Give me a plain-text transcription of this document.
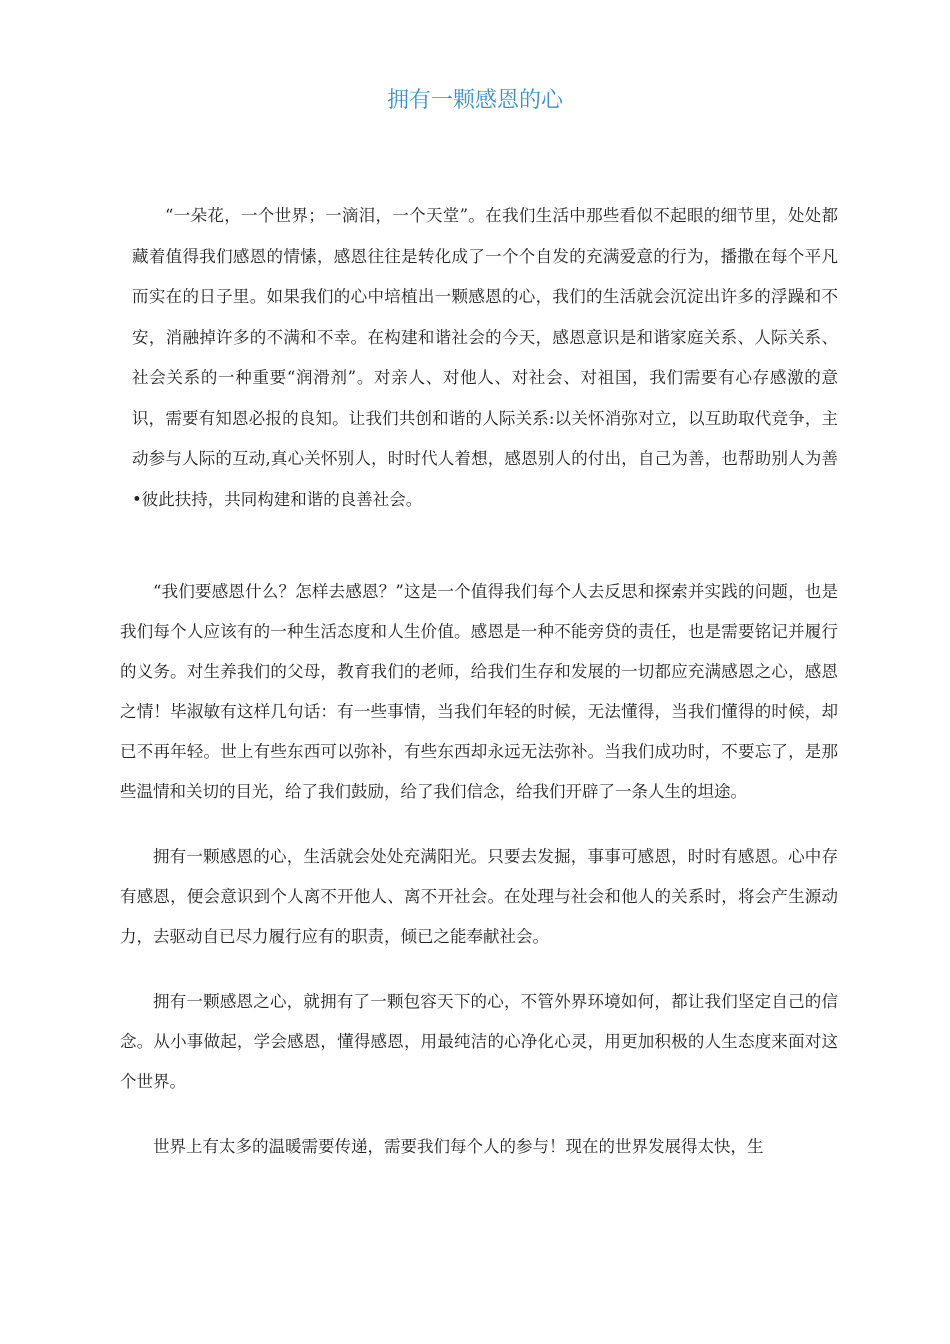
拥有一颗感恩的心

“一朵花，一个世界；一滴泪，一个天堂”。在我们生活中那些看似不起眼的细节里，处处都藏着值得我们感恩的情愫，感恩往往是转化成了一个个自发的充满爱意的行为，播撒在每个平凡而实在的日子里。如果我们的心中培植出一颗感恩的心，我们的生活就会沉淀出许多的浮躁和不安，消融掉许多的不满和不幸。在构建和谐社会的今天，感恩意识是和谐家庭关系、人际关系、社会关系的一种重要“润滑剂”。对亲人、对他人、对社会、对祖国，我们需要有心存感激的意识，需要有知恩必报的良知。让我们共创和谐的人际关系:以关怀消弥对立，以互助取代竞争，主动参与人际的互动,真心关怀别人，时时代人着想，感恩别人的付出，自己为善，也帮助别人为善•彼此扶持，共同构建和谐的良善社会。

“我们要感恩什么？怎样去感恩？”这是一个值得我们每个人去反思和探索并实践的问题，也是我们每个人应该有的一种生活态度和人生价值。感恩是一种不能旁贷的责任，也是需要铭记并履行的义务。对生养我们的父母，教育我们的老师，给我们生存和发展的一切都应充满感恩之心，感恩之情！毕淑敏有这样几句话：有一些事情，当我们年轻的时候，无法懂得，当我们懂得的时候，却已不再年轻。世上有些东西可以弥补，有些东西却永远无法弥补。当我们成功时，不要忘了，是那些温情和关切的目光，给了我们鼓励，给了我们信念，给我们开辟了一条人生的坦途。

拥有一颗感恩的心，生活就会处处充满阳光。只要去发掘，事事可感恩，时时有感恩。心中存有感恩，便会意识到个人离不开他人、离不开社会。在处理与社会和他人的关系时，将会产生源动力，去驱动自已尽力履行应有的职责，倾已之能奉献社会。

拥有一颗感恩之心，就拥有了一颗包容天下的心，不管外界环境如何，都让我们坚定自己的信念。从小事做起，学会感恩，懂得感恩，用最纯洁的心净化心灵，用更加积极的人生态度来面对这个世界。

世界上有太多的温暖需要传递，需要我们每个人的参与！现在的世界发展得太快，生
